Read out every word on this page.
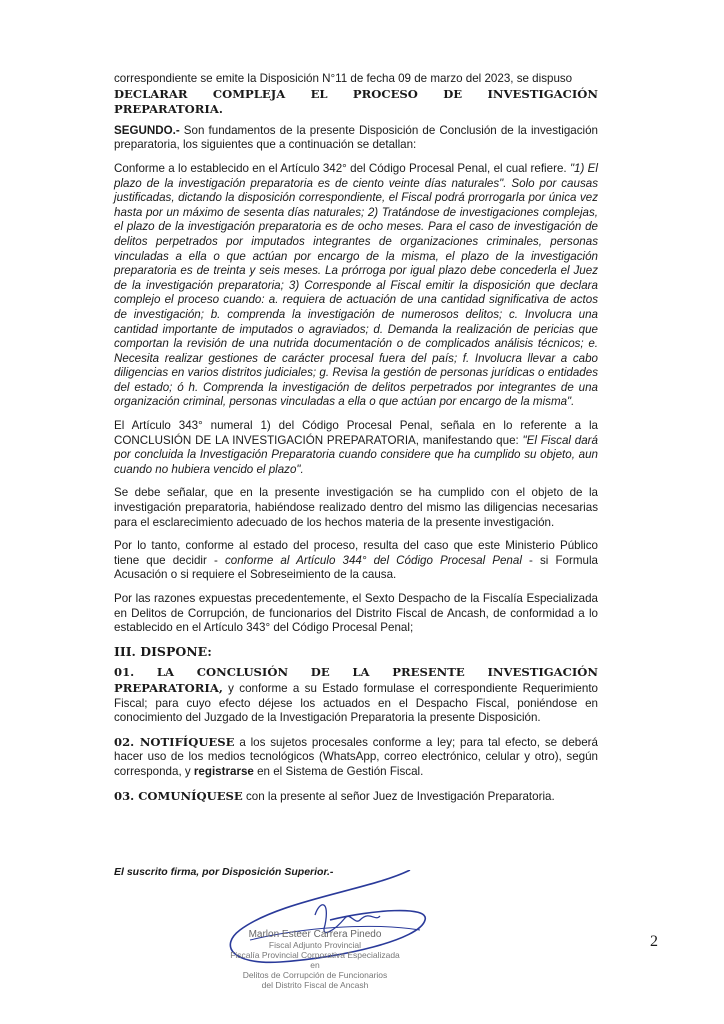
correspondiente se emite la Disposición N°11 de fecha 09 de marzo del 2023, se dispuso
DECLARAR COMPLEJA EL PROCESO DE INVESTIGACIÓN PREPARATORIA.

SEGUNDO.- Son fundamentos de la presente Disposición de Conclusión de la investigación preparatoria, los siguientes que a continuación se detallan:

Conforme a lo establecido en el Artículo 342° del Código Procesal Penal, el cual refiere. "1) El plazo de la investigación preparatoria es de ciento veinte días naturales". Solo por causas justificadas, dictando la disposición correspondiente, el Fiscal podrá prorrogarla por única vez hasta por un máximo de sesenta días naturales; 2) Tratándose de investigaciones complejas, el plazo de la investigación preparatoria es de ocho meses. Para el caso de investigación de delitos perpetrados por imputados integrantes de organizaciones criminales, personas vinculadas a ella o que actúan por encargo de la misma, el plazo de la investigación preparatoria es de treinta y seis meses. La prórroga por igual plazo debe concederla el Juez de la investigación preparatoria; 3) Corresponde al Fiscal emitir la disposición que declara complejo el proceso cuando: a. requiera de actuación de una cantidad significativa de actos de investigación; b. comprenda la investigación de numerosos delitos; c. Involucra una cantidad importante de imputados o agraviados; d. Demanda la realización de pericias que comportan la revisión de una nutrida documentación o de complicados análisis técnicos; e. Necesita realizar gestiones de carácter procesal fuera del país; f. Involucra llevar a cabo diligencias en varios distritos judiciales; g. Revisa la gestión de personas jurídicas o entidades del estado; ó h. Comprenda la investigación de delitos perpetrados por integrantes de una organización criminal, personas vinculadas a ella o que actúan por encargo de la misma".

El Artículo 343° numeral 1) del Código Procesal Penal, señala en lo referente a la CONCLUSIÓN DE LA INVESTIGACIÓN PREPARATORIA, manifestando que: "El Fiscal dará por concluida la Investigación Preparatoria cuando considere que ha cumplido su objeto, aun cuando no hubiera vencido el plazo".

Se debe señalar, que en la presente investigación se ha cumplido con el objeto de la investigación preparatoria, habiéndose realizado dentro del mismo las diligencias necesarias para el esclarecimiento adecuado de los hechos materia de la presente investigación.

Por lo tanto, conforme al estado del proceso, resulta del caso que este Ministerio Público tiene que decidir - conforme al Artículo 344° del Código Procesal Penal - si Formula Acusación o si requiere el Sobreseimiento de la causa.

Por las razones expuestas precedentemente, el Sexto Despacho de la Fiscalía Especializada en Delitos de Corrupción, de funcionarios del Distrito Fiscal de Ancash, de conformidad a lo establecido en el Artículo 343° del Código Procesal Penal;

III. DISPONE:

01. LA CONCLUSIÓN DE LA PRESENTE INVESTIGACIÓN PREPARATORIA, y conforme a su Estado formulase el correspondiente Requerimiento Fiscal; para cuyo efecto déjese los actuados en el Despacho Fiscal, poniéndose en conocimiento del Juzgado de la Investigación Preparatoria la presente Disposición.

02. NOTIFÍQUESE a los sujetos procesales conforme a ley; para tal efecto, se deberá hacer uso de los medios tecnológicos (WhatsApp, correo electrónico, celular y otro), según corresponda, y registrarse en el Sistema de Gestión Fiscal.

03. COMUNÍQUESE con la presente al señor Juez de Investigación Preparatoria.

El suscrito firma, por Disposición Superior.-
Marlon Esteer Carrera Pinedo
Fiscal Adjunto Provincial
Fiscalía Provincial Corporativa Especializada en
Delitos de Corrupción de Funcionarios
del Distrito Fiscal de Ancash
2
